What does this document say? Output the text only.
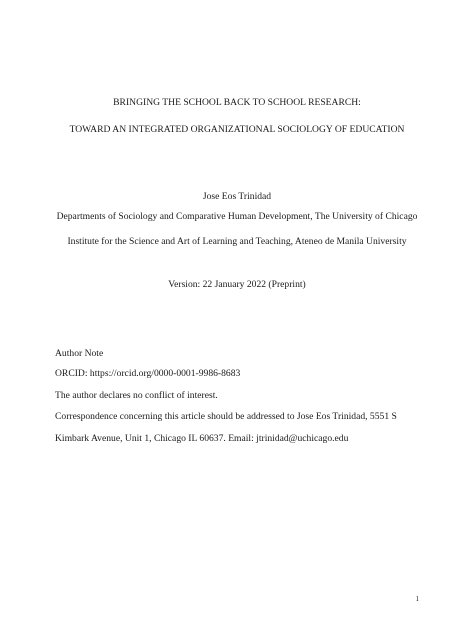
BRINGING THE SCHOOL BACK TO SCHOOL RESEARCH:
TOWARD AN INTEGRATED ORGANIZATIONAL SOCIOLOGY OF EDUCATION
Jose Eos Trinidad
Departments of Sociology and Comparative Human Development, The University of Chicago
Institute for the Science and Art of Learning and Teaching, Ateneo de Manila University
Version: 22 January 2022 (Preprint)
Author Note
ORCID: https://orcid.org/0000-0001-9986-8683
The author declares no conflict of interest.
Correspondence concerning this article should be addressed to Jose Eos Trinidad, 5551 S
Kimbark Avenue, Unit 1, Chicago IL 60637. Email: jtrinidad@uchicago.edu
1
